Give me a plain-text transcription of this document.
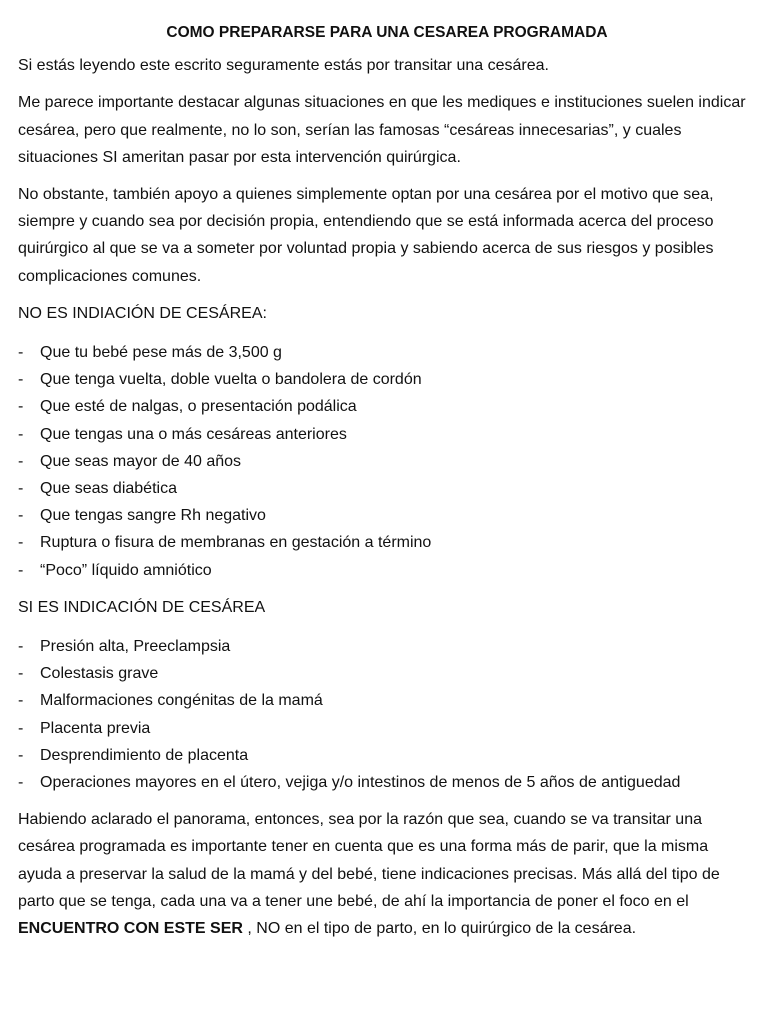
COMO PREPARARSE PARA UNA CESAREA PROGRAMADA

Si estás leyendo este escrito seguramente estás por transitar una cesárea.

Me parece importante destacar algunas situaciones en que les mediques e instituciones suelen indicar cesárea, pero que realmente, no lo son, serían las famosas “cesáreas innecesarias”, y cuales situaciones SI ameritan pasar por esta intervención quirúrgica.

No obstante, también apoyo a quienes simplemente optan por una cesárea por el motivo que sea, siempre y cuando sea por decisión propia, entendiendo que se está informada acerca del proceso quirúrgico al que se va a someter por voluntad propia y sabiendo acerca de sus riesgos y posibles complicaciones comunes.

NO ES INDIACIÓN DE CESÁREA:

- Que tu bebé pese más de 3,500 g
- Que tenga vuelta, doble vuelta o bandolera de cordón
- Que esté de nalgas, o presentación podálica
- Que tengas una o más cesáreas anteriores
- Que seas mayor de 40 años
- Que seas diabética
- Que tengas sangre Rh negativo
- Ruptura o fisura de membranas en gestación a término
- “Poco” líquido amniótico

SI ES INDICACIÓN DE CESÁREA

- Presión alta, Preeclampsia
- Colestasis grave
- Malformaciones congénitas de la mamá
- Placenta previa
- Desprendimiento de placenta
- Operaciones mayores en el útero, vejiga y/o intestinos de menos de 5 años de antiguedad

Habiendo aclarado el panorama, entonces, sea por la razón que sea, cuando se va transitar una cesárea programada es importante tener en cuenta que es una forma más de parir, que la misma ayuda a preservar la salud de la mamá y del bebé, tiene indicaciones precisas. Más allá del tipo de parto que se tenga, cada una va a tener une bebé, de ahí la importancia de poner el foco en el ENCUENTRO CON ESTE SER , NO en el tipo de parto, en lo quirúrgico de la cesárea.
